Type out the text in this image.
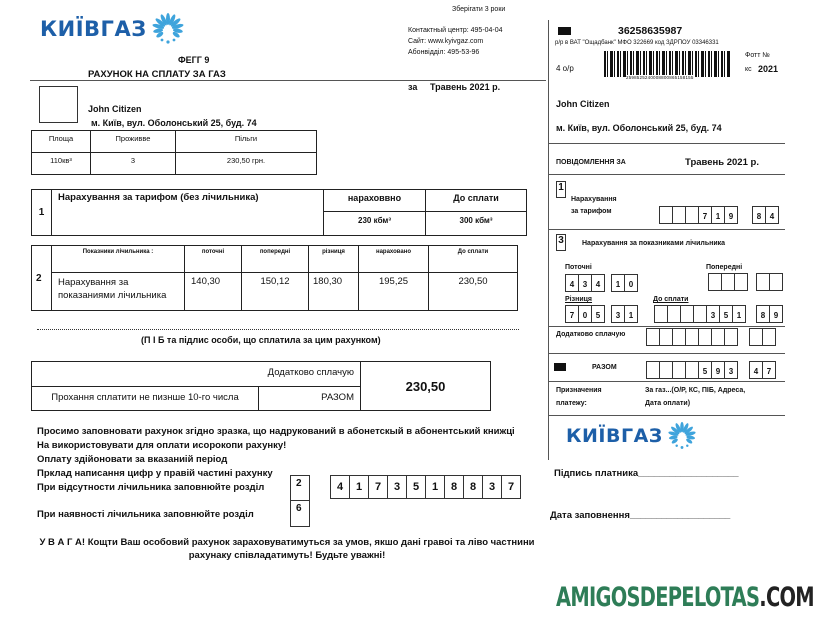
КИЇВГАЗ
ФЕГГ 9
РАХУНОК НА СПЛАТУ ЗА ГАЗ
Зберігати 3 роки
Контактный центр: 495-04-04
Сайт: www.kyivgaz.com
Абонвідділ: 495-53-96
за Травень 2021 р.
John Citizen
м. Київ, вул. Оболонський 25, буд. 74
Площа	Проживве	Пільги
110кв³	3	230,50 грн.
1	Нарахування за тарифом (без лічильника)	нараховвно	До сплати
		230 кбм³	300 кбм³
2	Показники лічильника :	поточні	попередні	різниця	нараховано	До сплати
	Нарахування за показаниями лічильника	140,30	150,12	180,30	195,25	230,50
(П І Б та підлис особи, що сплатила за цим рахунком)
Додатково сплачую		230,50
Прохання сплатити не пизнше 10-го числа	РАЗОМ	
Просимо заповновати рахунок згідно зразка, що надрукований в абонетскый в абонентський книжці
На використовувати для оплати исорокопи рахунку!
Оплату здійоновати за вказаниій період
Прклад написання цифр у правій частині рахунку
При відсутности лічильника заповнюйте розділ
При наявності лічильника заповнюйте розділ
2
6
4	1	7	3	5	1	8	8	3	7
У В А Г А! Кощти Ваш особовий рахунок зараховуватимуться за умов, якшо дані гравоі та ліво частнини
рахунаку співладатимуть! Будьте уважні!
36258635987
р/р в ВАТ "Ощадбанк" МФО 322669 код ЗДРПОУ 03346331
4 о/р
2598525240008800865158155
Фотт №
кс 2021
John Citizen
м. Київ, вул. Оболонський 25, буд. 74
ПОВІДОМЛЕННЯ ЗА	Травень 2021 р.
1
Нарахування
за тарифом
7	1	9	8	4
3	Нарахування за показниками лічильника
Поточні
4	3	4	1	0
Попередні
Різниця
7	0	5	3	1
До сплати
3	5	1	8	9
Додатково сплачую
РАЗОМ	5	9	3	4	7
Призначения
платежу:
За газ...(О/Р, КС, ПІБ, Адреса,
Дата оплати)
КИЇВГАЗ
Підпись платника___________________
Дата заповнення___________________
AMIGOSDEPELOTAS.COM
